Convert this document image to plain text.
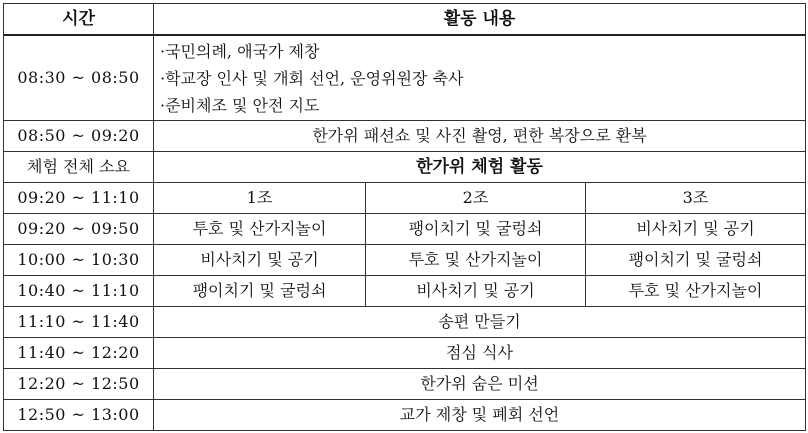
시간	활동 내용		
08:30 ~ 08:50	·국민의례, 애국가 제창
·학교장 인사 및 개회 선언, 운영위원장 축사
·준비체조 및 안전 지도		

08:50 ~ 09:20	한가위 패션쇼 및 사진 촬영, 편한 복장으로 환복		
체험 전체 소요	한가위 체험 활동		
09:20 ~ 11:10	1조	2조	3조
09:20 ~ 09:50	투호 및 산가지놀이	팽이치기 및 굴렁쇠	비사치기 및 공기
10:00 ~ 10:30	비사치기 및 공기	투호 및 산가지놀이	팽이치기 및 굴렁쇠
10:40 ~ 11:10	팽이치기 및 굴렁쇠	비사치기 및 공기	투호 및 산가지놀이
11:10 ~ 11:40	송편 만들기		
11:40 ~ 12:20	점심 식사		
12:20 ~ 12:50	한가위 숨은 미션		
12:50 ~ 13:00	교가 제창 및 폐회 선언		
